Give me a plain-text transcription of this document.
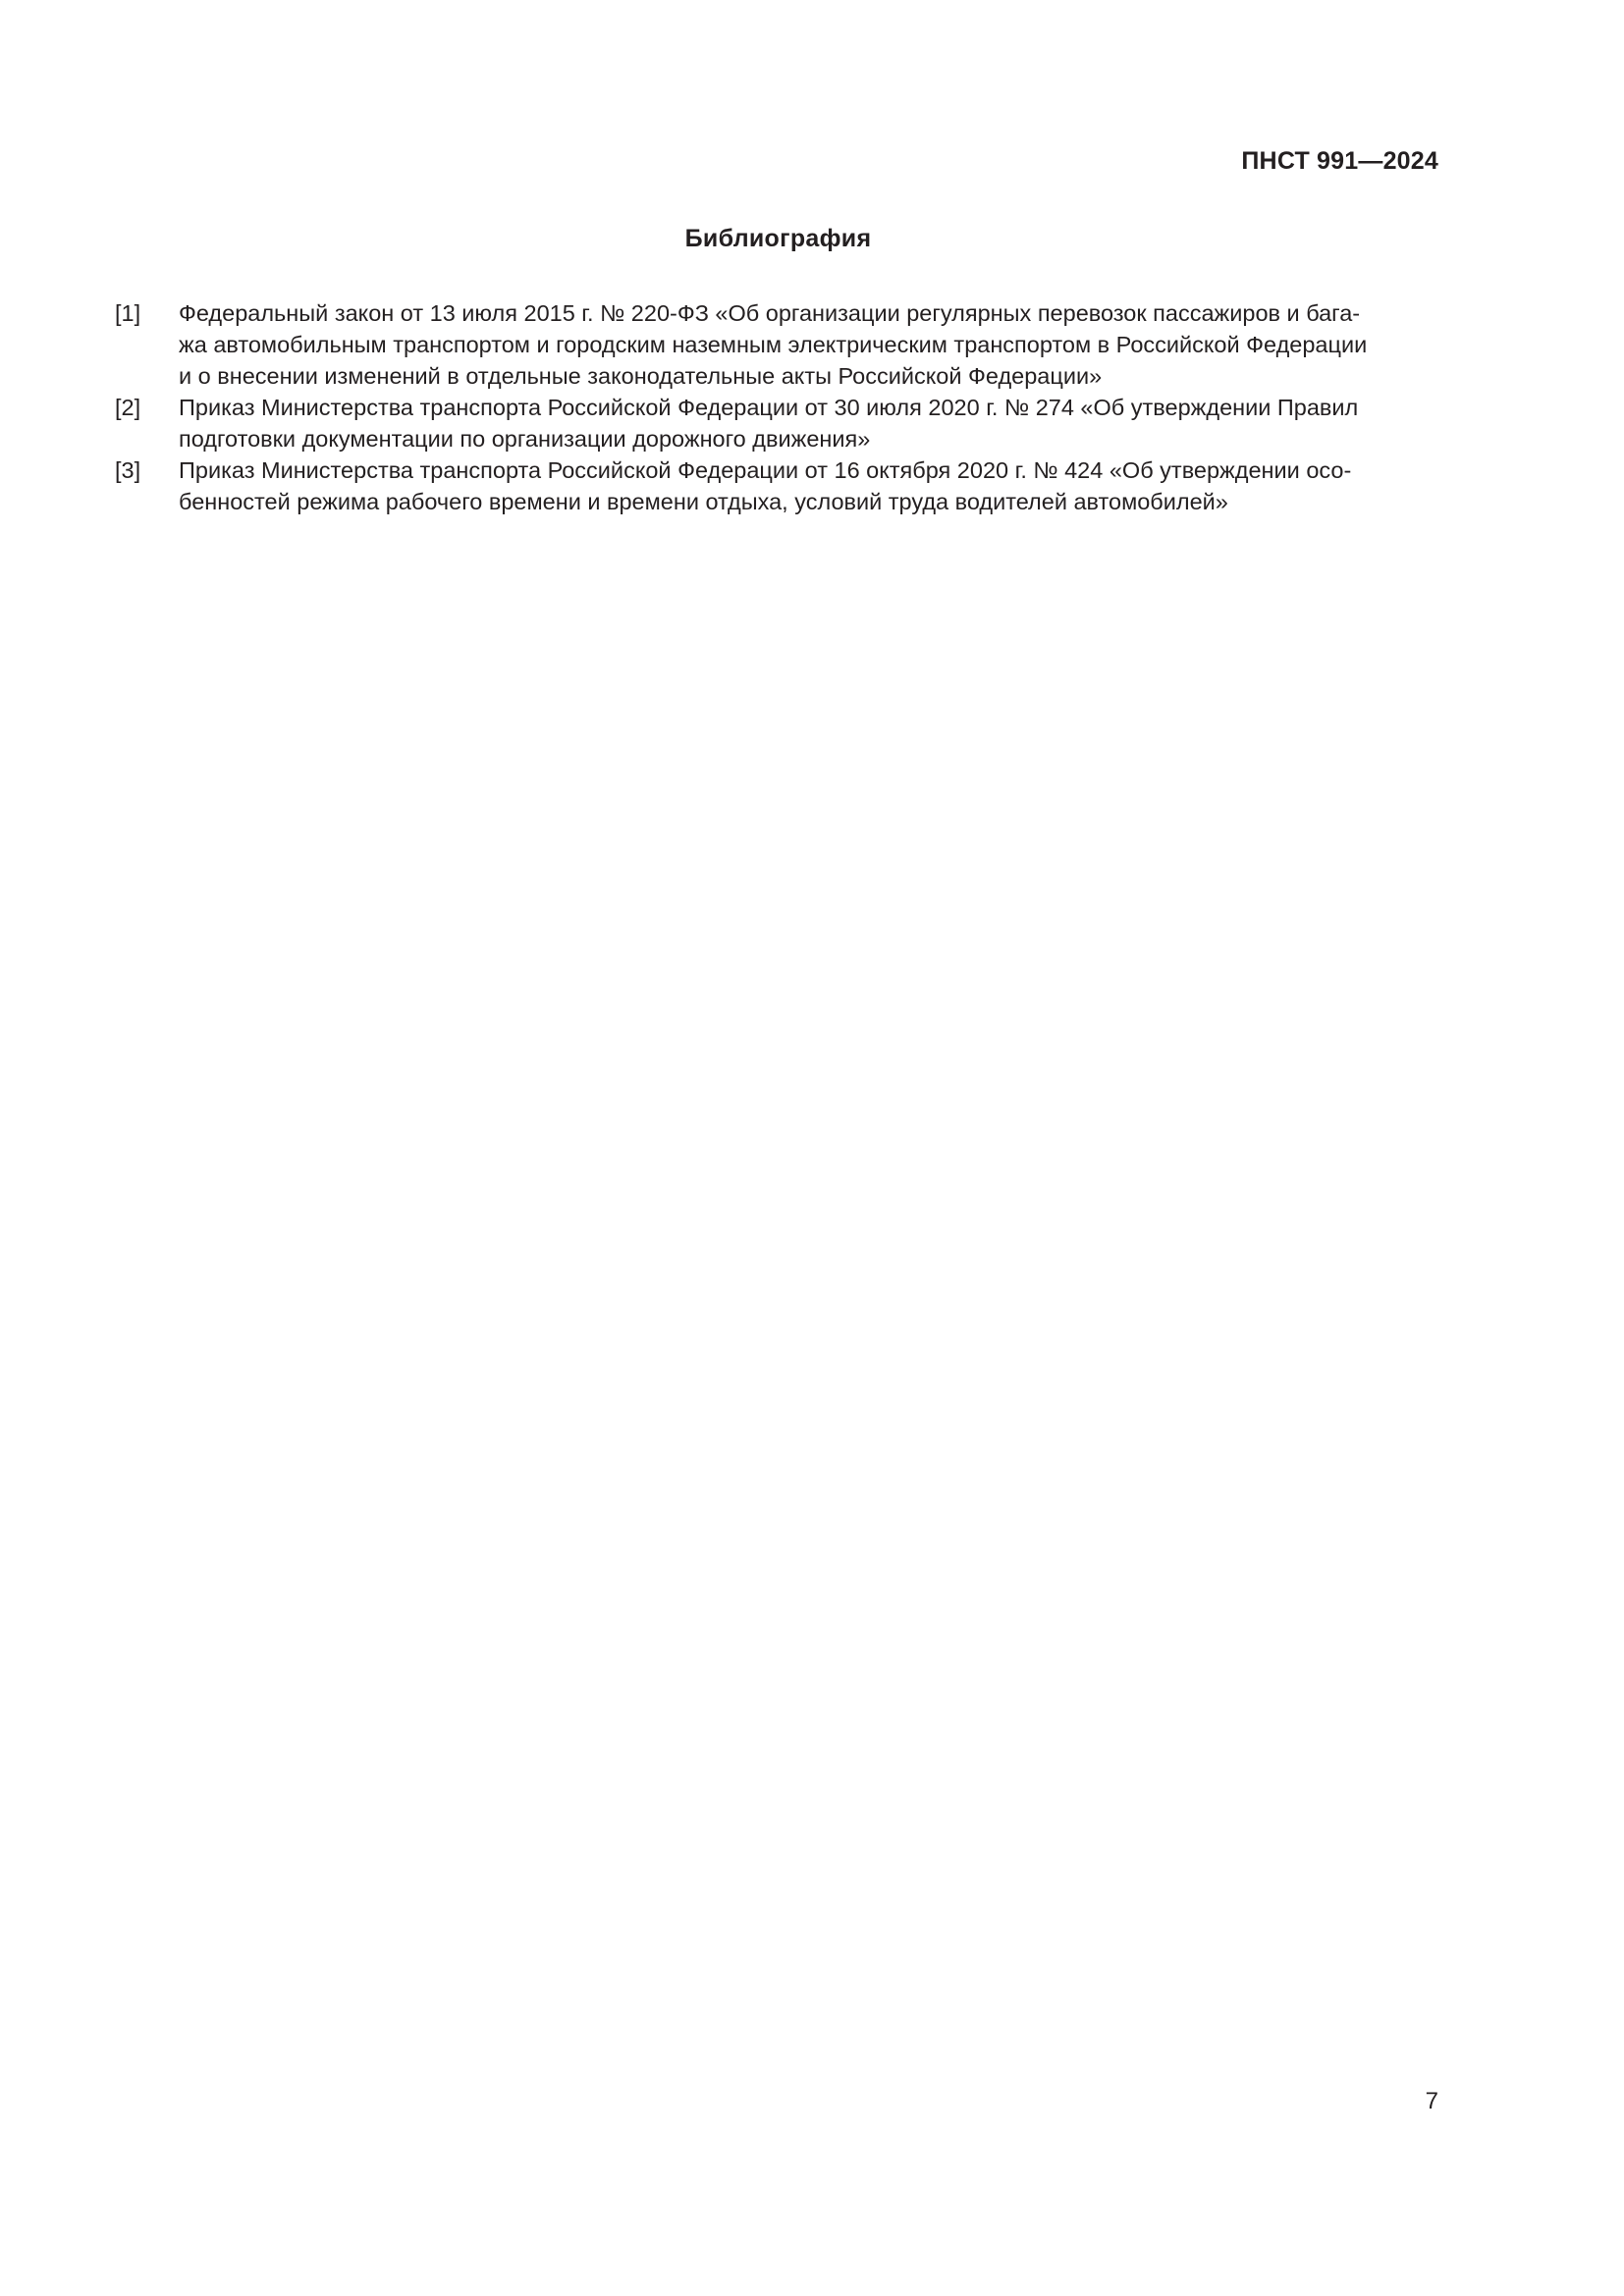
ПНСТ 991—2024
Библиография
[1]	Федеральный закон от 13 июля 2015 г. № 220-ФЗ «Об организации регулярных перевозок пассажиров и бага-
жа автомобильным транспортом и городским наземным электрическим транспортом в Российской Федерации
и о внесении изменений в отдельные законодательные акты Российской Федерации»
[2]	Приказ Министерства транспорта Российской Федерации от 30 июля 2020 г. № 274 «Об утверждении Правил
подготовки документации по организации дорожного движения»
[3]	Приказ Министерства транспорта Российской Федерации от 16 октября 2020 г. № 424 «Об утверждении осо-
бенностей режима рабочего времени и времени отдыха, условий труда водителей автомобилей»
7
